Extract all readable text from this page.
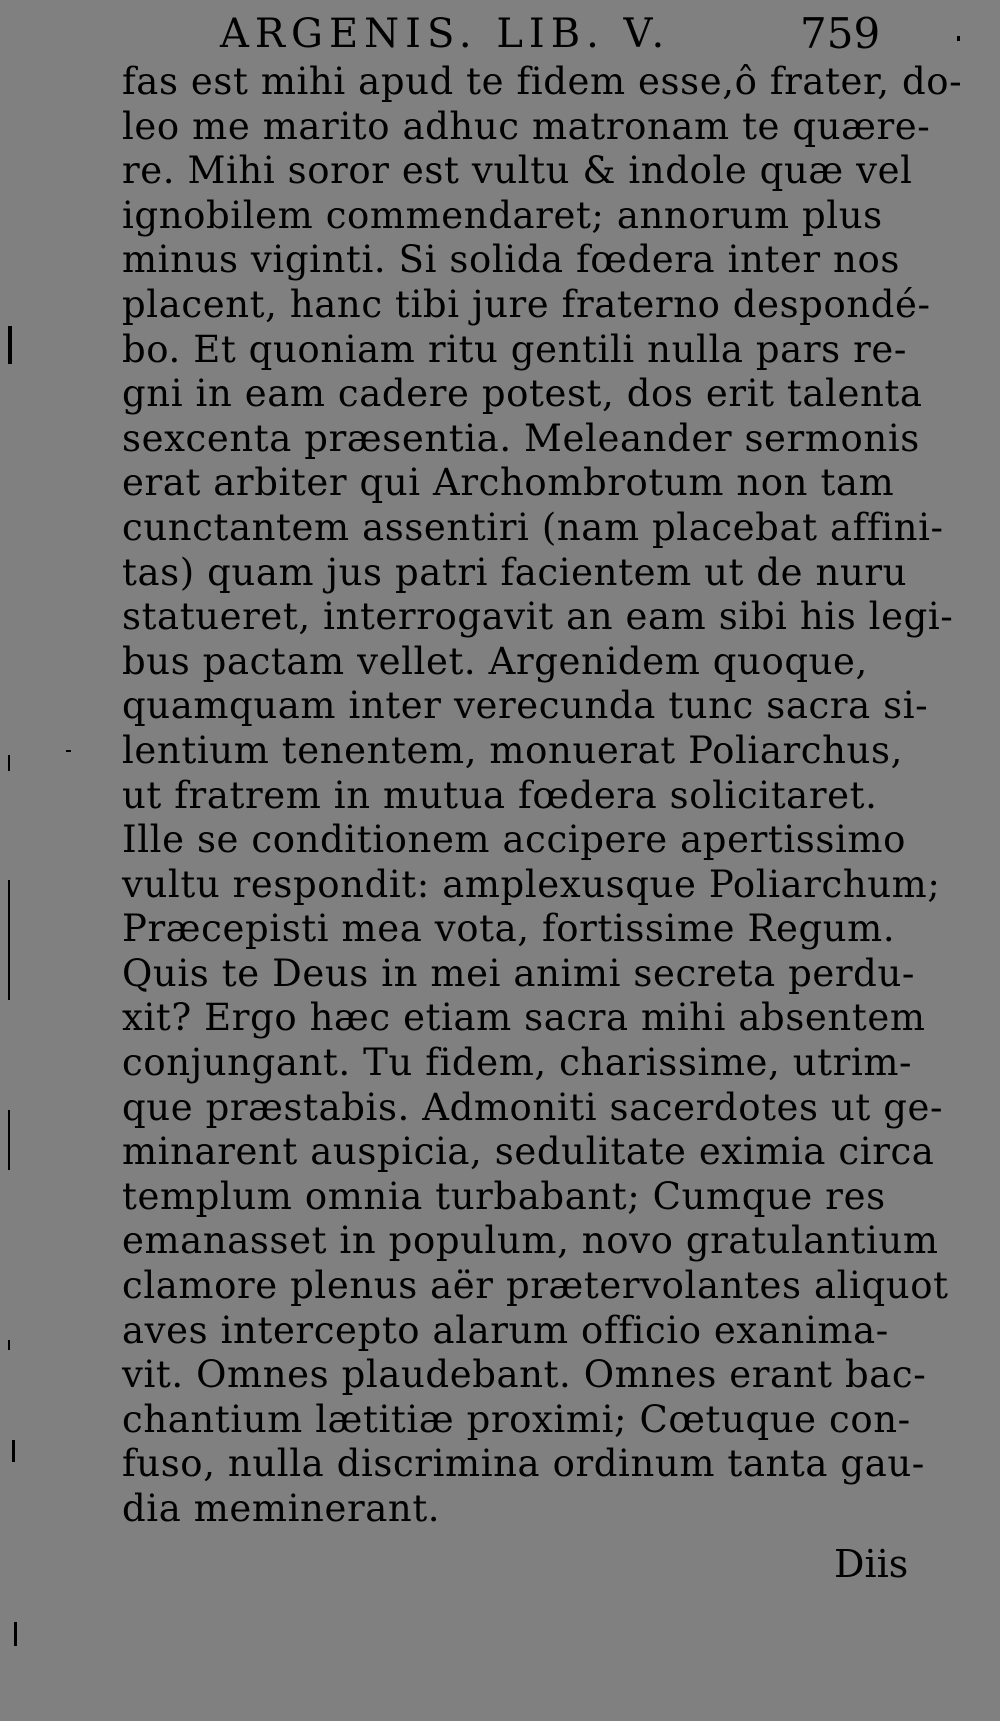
ARGENIS. LIB. V.	759
fas est mihi apud te fidem esse,ô frater, do-
leo me marito adhuc matronam te quære-
re. Mihi soror est vultu & indole quæ vel
ignobilem commendaret; annorum plus
minus viginti. Si solida fœdera inter nos
placent, hanc tibi jure fraterno despondé-
bo. Et quoniam ritu gentili nulla pars re-
gni in eam cadere potest, dos erit talenta
sexcenta præsentia. Meleander sermonis
erat arbiter qui Archombrotum non tam
cunctantem assentiri (nam placebat affini-
tas) quam jus patri facientem ut de nuru
statueret, interrogavit an eam sibi his legi-
bus pactam vellet. Argenidem quoque,
quamquam inter verecunda tunc sacra si-
lentium tenentem, monuerat Poliarchus,
ut fratrem in mutua fœdera solicitaret.
Ille se conditionem accipere apertissimo
vultu respondit: amplexusque Poliarchum;
Præcepisti mea vota, fortissime Regum.
Quis te Deus in mei animi secreta perdu-
xit? Ergo hæc etiam sacra mihi absentem
conjungant. Tu fidem, charissime, utrim-
que præstabis. Admoniti sacerdotes ut ge-
minarent auspicia, sedulitate eximia circa
templum omnia turbabant; Cumque res
emanasset in populum, novo gratulantium
clamore plenus aër prætervolantes aliquot
aves intercepto alarum officio exanima-
vit. Omnes plaudebant. Omnes erant bac-
chantium lætitiæ proximi; Cœtuque con-
fuso, nulla discrimina ordinum tanta gau-
dia meminerant.
Diis
